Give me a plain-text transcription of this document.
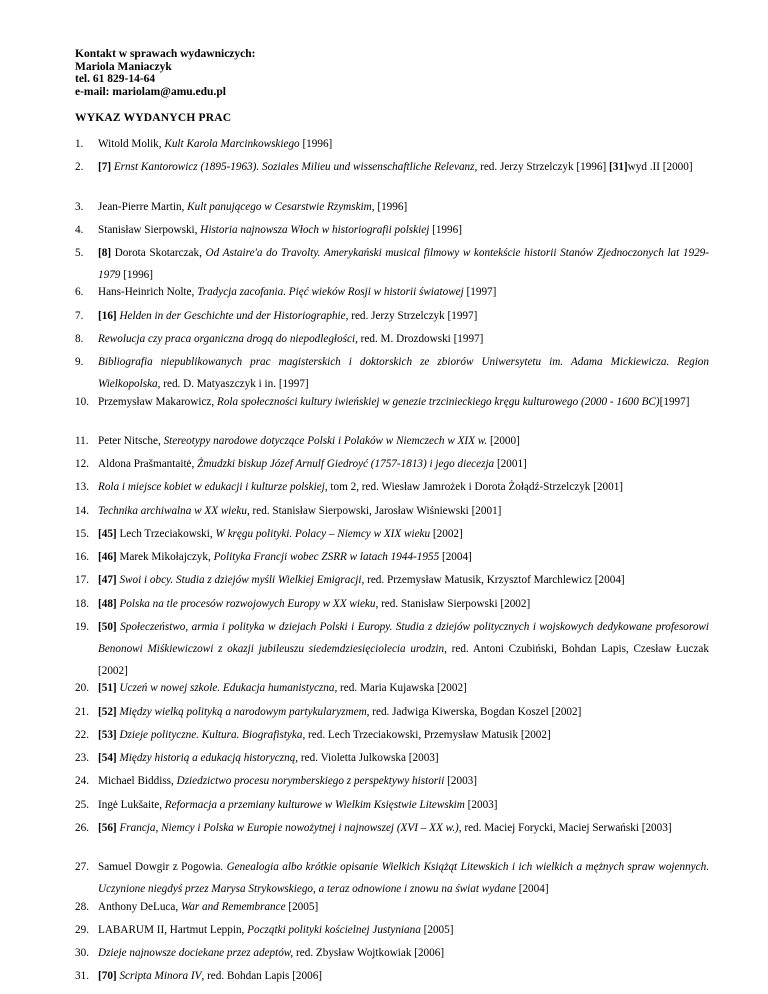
Kontakt w sprawach wydawniczych:
Mariola Maniaczyk
tel. 61 829-14-64
e-mail: mariolam@amu.edu.pl
WYKAZ WYDANYCH PRAC
1. Witold Molik, Kult Karola Marcinkowskiego [1996]
2. [7] Ernst Kantorowicz (1895-1963). Soziales Milieu und wissenschaftliche Relevanz, red. Jerzy Strzelczyk [1996] [31]wyd .II [2000]
3. Jean-Pierre Martin, Kult panującego w Cesarstwie Rzymskim, [1996]
4. Stanisław Sierpowski, Historia najnowsza Włoch w historiografii polskiej [1996]
5. [8] Dorota Skotarczak, Od Astaire'a do Travolty. Amerykański musical filmowy w kontekście historii Stanów Zjednoczonych lat 1929-1979 [1996]
6. Hans-Heinrich Nolte, Tradycja zacofania. Pięć wieków Rosji w historii światowej [1997]
7. [16] Helden in der Geschichte und der Historiographie, red. Jerzy Strzelczyk [1997]
8. Rewolucja czy praca organiczna drogą do niepodległości, red. M. Drozdowski [1997]
9. Bibliografia niepublikowanych prac magisterskich i doktorskich ze zbiorów Uniwersytetu im. Adama Mickiewicza. Region Wielkopolska, red. D. Matyaszczyk i in. [1997]
10. Przemysław Makarowicz, Rola społeczności kultury iwieńskiej w genezie trzcinieckiego kręgu kulturowego (2000 - 1600 BC)[1997]
11. Peter Nitsche, Stereotypy narodowe dotyczące Polski i Polaków w Niemczech w XIX w. [2000]
12. Aldona Prašmantaitė, Żmudzki biskup Józef Arnulf Giedroyć (1757-1813) i jego diecezja [2001]
13. Rola i miejsce kobiet w edukacji i kulturze polskiej, tom 2, red. Wiesław Jamrożek i Dorota Żołądź-Strzelczyk [2001]
14. Technika archiwalna w XX wieku, red. Stanisław Sierpowski, Jarosław Wiśniewski [2001]
15. [45] Lech Trzeciakowski, W kręgu polityki. Polacy – Niemcy w XIX wieku [2002]
16. [46] Marek Mikołajczyk, Polityka Francji wobec ZSRR w latach 1944-1955 [2004]
17. [47] Swoi i obcy. Studia z dziejów myśli Wielkiej Emigracji, red. Przemysław Matusik, Krzysztof Marchlewicz [2004]
18. [48] Polska na tle procesów rozwojowych Europy w XX wieku, red. Stanisław Sierpowski [2002]
19. [50] Społeczeństwo, armia i polityka w dziejach Polski i Europy. Studia z dziejów politycznych i wojskowych dedykowane profesorowi Benonowi Miśkiewiczowi z okazji jubileuszu siedemdziesięciolecia urodzin, red. Antoni Czubiński, Bohdan Lapis, Czesław Łuczak [2002]
20. [51] Uczeń w nowej szkole. Edukacja humanistyczna, red. Maria Kujawska [2002]
21. [52] Między wielką polityką a narodowym partykularyzmem, red. Jadwiga Kiwerska, Bogdan Koszel [2002]
22. [53] Dzieje polityczne. Kultura. Biografistyka, red. Lech Trzeciakowski, Przemysław Matusik [2002]
23. [54] Między historią a edukacją historyczną, red. Violetta Julkowska [2003]
24. Michael Biddiss, Dziedzictwo procesu norymberskiego z perspektywy historii [2003]
25. Ingė Lukšaite, Reformacja a przemiany kulturowe w Wielkim Księstwie Litewskim [2003]
26. [56] Francja, Niemcy i Polska w Europie nowożytnej i najnowszej (XVI – XX w.), red. Maciej Forycki, Maciej Serwański [2003]
27. Samuel Dowgir z Pogowia. Genealogia albo krótkie opisanie Wielkich Książąt Litewskich i ich wielkich a mężnych spraw wojennych. Uczynione niegdyś przez Marysa Strykowskiego, a teraz odnowione i znowu na świat wydane [2004]
28. Anthony DeLuca, War and Remembrance [2005]
29. LABARUM II, Hartmut Leppin, Początki polityki kościelnej Justyniana [2005]
30. Dzieje najnowsze dociekane przez adeptów, red. Zbysław Wojtkowiak [2006]
31. [70] Scripta Minora IV, red. Bohdan Lapis [2006]
